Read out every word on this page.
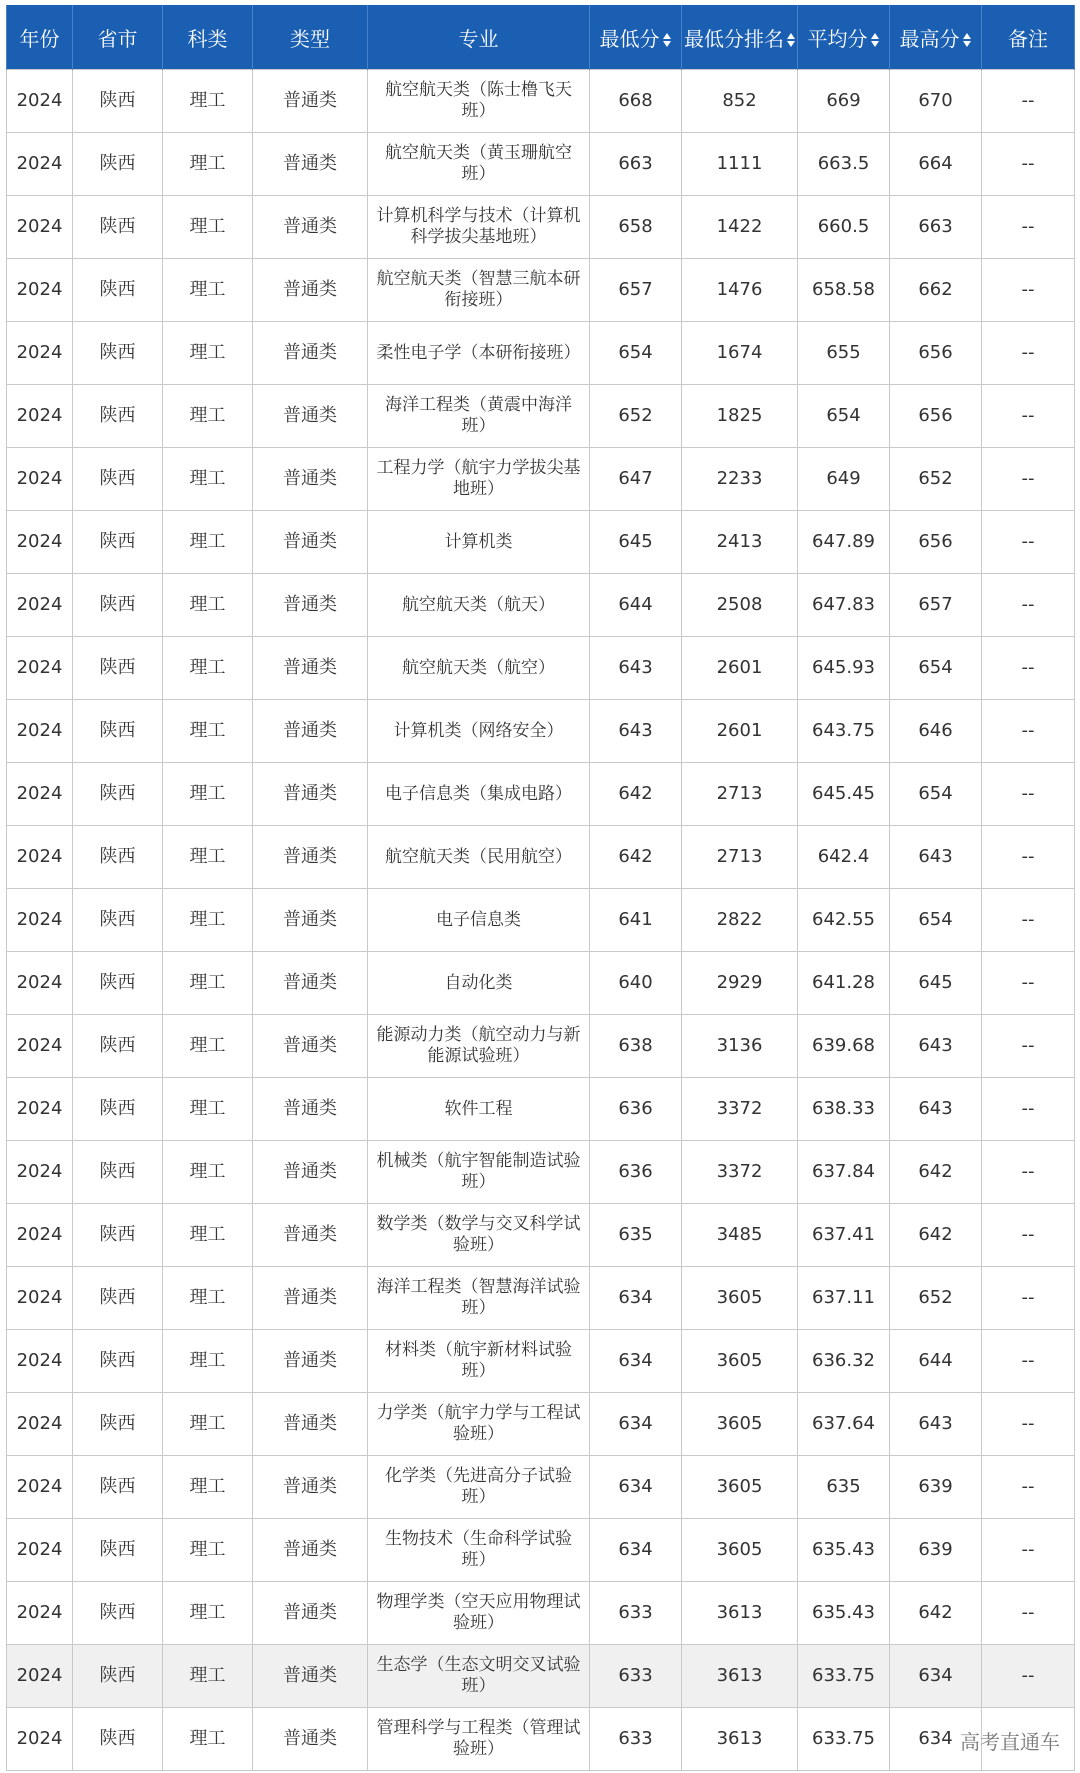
年份	省市	科类	类型	专业	最低分	最低分排名	平均分	最高分	备注
2024	陕西	理工	普通类	航空航天类（陈士橹飞天班）	668	852	669	670	--
2024	陕西	理工	普通类	航空航天类（黄玉珊航空班）	663	1111	663.5	664	--
2024	陕西	理工	普通类	计算机科学与技术（计算机科学拔尖基地班）	658	1422	660.5	663	--
2024	陕西	理工	普通类	航空航天类（智慧三航本研衔接班）	657	1476	658.58	662	--
2024	陕西	理工	普通类	柔性电子学（本研衔接班）	654	1674	655	656	--
2024	陕西	理工	普通类	海洋工程类（黄震中海洋班）	652	1825	654	656	--
2024	陕西	理工	普通类	工程力学（航宇力学拔尖基地班）	647	2233	649	652	--
2024	陕西	理工	普通类	计算机类	645	2413	647.89	656	--
2024	陕西	理工	普通类	航空航天类（航天）	644	2508	647.83	657	--
2024	陕西	理工	普通类	航空航天类（航空）	643	2601	645.93	654	--
2024	陕西	理工	普通类	计算机类（网络安全）	643	2601	643.75	646	--
2024	陕西	理工	普通类	电子信息类（集成电路）	642	2713	645.45	654	--
2024	陕西	理工	普通类	航空航天类（民用航空）	642	2713	642.4	643	--
2024	陕西	理工	普通类	电子信息类	641	2822	642.55	654	--
2024	陕西	理工	普通类	自动化类	640	2929	641.28	645	--
2024	陕西	理工	普通类	能源动力类（航空动力与新能源试验班）	638	3136	639.68	643	--
2024	陕西	理工	普通类	软件工程	636	3372	638.33	643	--
2024	陕西	理工	普通类	机械类（航宇智能制造试验班）	636	3372	637.84	642	--
2024	陕西	理工	普通类	数学类（数学与交叉科学试验班）	635	3485	637.41	642	--
2024	陕西	理工	普通类	海洋工程类（智慧海洋试验班）	634	3605	637.11	652	--
2024	陕西	理工	普通类	材料类（航宇新材料试验班）	634	3605	636.32	644	--
2024	陕西	理工	普通类	力学类（航宇力学与工程试验班）	634	3605	637.64	643	--
2024	陕西	理工	普通类	化学类（先进高分子试验班）	634	3605	635	639	--
2024	陕西	理工	普通类	生物技术（生命科学试验班）	634	3605	635.43	639	--
2024	陕西	理工	普通类	物理学类（空天应用物理试验班）	633	3613	635.43	642	--
2024	陕西	理工	普通类	生态学（生态文明交叉试验班）	633	3613	633.75	634	--
2024	陕西	理工	普通类	管理科学与工程类（管理试验班）	633	3613	633.75	634	高考直通车
